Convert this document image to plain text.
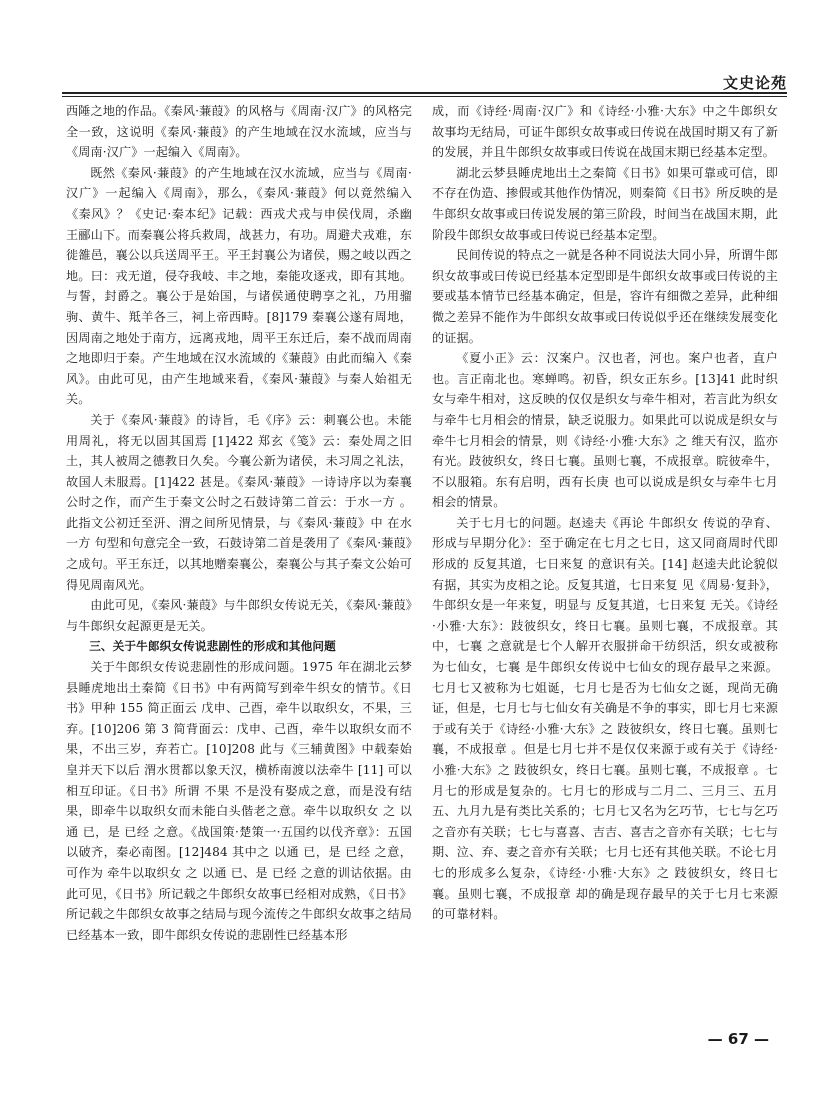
文史论苑

西陲之地的作品。《秦风·蒹葭》的风格与《周南·汉广》的风格完全一致，这说明《秦风·蒹葭》的产生地域在汉水流域，应当与《周南·汉广》一起编入《周南》。

既然《秦风·蒹葭》的产生地域在汉水流域，应当与《周南·汉广》一起编入《周南》，那么，《秦风·蒹葭》何以竟然编入《秦风》？《史记·秦本纪》记载：西戎犬戎与申侯伐周，杀幽王郦山下。而秦襄公将兵救周，战甚力，有功。周避犬戎难，东徙雒邑，襄公以兵送周平王。平王封襄公为诸侯，赐之岐以西之地。曰：戎无道，侵夺我岐、丰之地，秦能攻逐戎，即有其地。与誓，封爵之。襄公于是始国，与诸侯通使聘享之礼，乃用骝驹、黄牛、羝羊各三，祠上帝西畤。[8]179 秦襄公遂有周地，因周南之地处于南方，远离戎地，周平王东迁后，秦不战而周南之地即归于秦。产生地域在汉水流域的《蒹葭》由此而编入《秦风》。由此可见，由产生地域来看，《秦风·蒹葭》与秦人始祖无关。

关于《秦风·蒹葭》的诗旨，毛《序》云：刺襄公也。未能用周礼，将无以固其国焉 [1]422 郑玄《笺》云：秦处周之旧土，其人被周之德教日久矣。今襄公新为诸侯，未习周之礼法，故国人未服焉。[1]422 甚是。《秦风·蒹葭》一诗诗序以为秦襄公时之作，而产生于秦文公时之石鼓诗第二首云：于水一方 。此指文公初迁至汧、渭之间所见情景，与《秦风·蒹葭》中 在水一方 句型和句意完全一致，石鼓诗第二首是袭用了《秦风·蒹葭》之成句。平王东迁，以其地赠秦襄公，秦襄公与其子秦文公始可得见周南风光。

由此可见，《秦风·蒹葭》与牛郎织女传说无关，《秦风·蒹葭》与牛郎织女起源更是无关。

三、关于牛郎织女传说悲剧性的形成和其他问题

关于牛郎织女传说悲剧性的形成问题。1975 年在湖北云梦县睡虎地出土秦简《日书》中有两简写到牵牛织女的情节。《日书》甲种 155 简正面云 戊申、己酉，牵牛以取织女，不果，三弃。[10]206 第 3 简背面云：戊申、己酉，牵牛以取织女而不果，不出三岁，弃若亡。[10]208 此与《三辅黄图》中载秦始皇并天下以后 渭水贯都以象天汉，横桥南渡以法牵牛 [11] 可以相互印证。《日书》所谓 不果 不是没有娶成之意，而是没有结果，即牵牛以取织女而未能白头偕老之意。牵牛以取织女 之 以通 已，是 已经 之意。《战国策·楚策一·五国约以伐齐章》：五国以破齐，秦必南图。[12]484 其中之 以通 已，是 已经 之意，可作为 牵牛以取织女 之 以通 已、是 已经 之意的训诂依据。由此可见，《日书》所记载之牛郎织女故事已经相对成熟，《日书》所记载之牛郎织女故事之结局与现今流传之牛郎织女故事之结局已经基本一致，即牛郎织女传说的悲剧性已经基本形

成，而《诗经·周南·汉广》和《诗经·小雅·大东》中之牛郎织女故事均无结局，可证牛郎织女故事或曰传说在战国时期又有了新的发展，并且牛郎织女故事或曰传说在战国末期已经基本定型。

湖北云梦县睡虎地出土之秦简《日书》如果可靠或可信，即不存在伪造、掺假或其他作伪情况，则秦简《日书》所反映的是牛郎织女故事或曰传说发展的第三阶段，时间当在战国末期，此阶段牛郎织女故事或曰传说已经基本定型。

民间传说的特点之一就是各种不同说法大同小异，所谓牛郎织女故事或曰传说已经基本定型即是牛郎织女故事或曰传说的主要或基本情节已经基本确定，但是，容许有细微之差异，此种细微之差异不能作为牛郎织女故事或曰传说似乎还在继续发展变化的证据。

《夏小正》云：汉案户。汉也者，河也。案户也者，直户也。言正南北也。寒蝉鸣。初昏，织女正东乡。[13]41 此时织女与牵牛相对，这反映的仅仅是织女与牵牛相对，若言此为织女与牵牛七月相会的情景，缺乏说服力。如果此可以说成是织女与牵牛七月相会的情景，则《诗经·小雅·大东》之 维天有汉，监亦有光。跂彼织女，终日七襄。虽则七襄，不成报章。睆彼牵牛，不以服箱。东有启明，西有长庚 也可以说成是织女与牵牛七月相会的情景。

关于七月七的问题。赵逵夫《再论 牛郎织女 传说的孕育、形成与早期分化》：至于确定在七月之七日，这又同商周时代即形成的 反复其道，七日来复 的意识有关。[14] 赵逵夫此论貌似有据，其实为皮相之论。反复其道，七日来复 见《周易·复卦》，牛郎织女是一年来复，明显与 反复其道，七日来复 无关。《诗经·小雅·大东》：跂彼织女，终日七襄。虽则七襄，不成报章。其中，七襄 之意就是七个人解开衣服拼命干纺织活，织女或被称为七仙女，七襄 是牛郎织女传说中七仙女的现存最早之来源。七月七又被称为七姐诞，七月七是否为七仙女之诞，现尚无确证，但是，七月七与七仙女有关确是不争的事实，即七月七来源于或有关于《诗经·小雅·大东》之 跂彼织女，终日七襄。虽则七襄，不成报章 。但是七月七并不是仅仅来源于或有关于《诗经·小雅·大东》之 跂彼织女，终日七襄。虽则七襄，不成报章 。七月七的形成是复杂的。七月七的形成与二月二、三月三、五月五、九月九是有类比关系的；七月七又名为乞巧节，七七与乞巧之音亦有关联；七七与喜喜、吉吉、喜吉之音亦有关联；七七与期、泣、弃、妻之音亦有关联；七月七还有其他关联。不论七月七的形成多么复杂，《诗经·小雅·大东》之 跂彼织女，终日七襄。虽则七襄，不成报章 却的确是现存最早的关于七月七来源的可靠材料。

— 67 —
